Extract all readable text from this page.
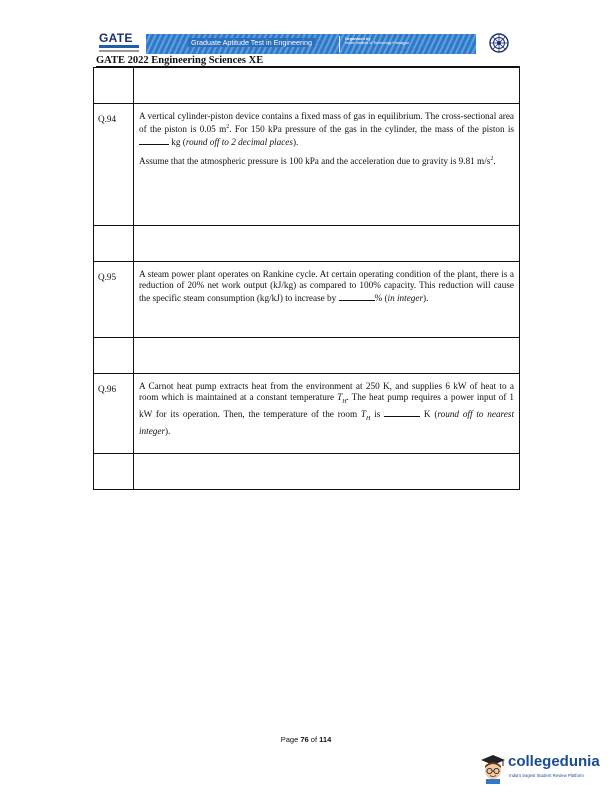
GATE	Graduate Aptitude Test in Engineering	Organised by
Indian Institute of Technology Kharagpur
GATE 2022 Engineering Sciences XE
Q.94	A vertical cylinder-piston device contains a fixed mass of gas in equilibrium. The cross-sectional area of the piston is 0.05 $m^2$. For 150 kPa pressure of the gas in the cylinder, the mass of the piston is  kg (round off to 2 decimal places).

Assume that the atmospheric pressure is 100 kPa and the acceleration due to gravity is 9.81 $m/s^2$.

Q.95	A steam power plant operates on Rankine cycle. At certain operating condition of the plant, there is a reduction of 20% net work output (kJ/kg) as compared to 100% capacity. This reduction will cause the specific steam consumption (kg/kJ) to increase by	% (in integer).

Q.96	A Carnot heat pump extracts heat from the environment at 250 K, and supplies 6 kW of heat to a room which is maintained at a constant temperature $T_H$. The heat pump requires a power input of 1 kW for its operation. Then, the temperature of the room $T_H$ is	K (round off to nearest integer).

Page 76 of 114
collegedunia
India's largest Student Review Platform
